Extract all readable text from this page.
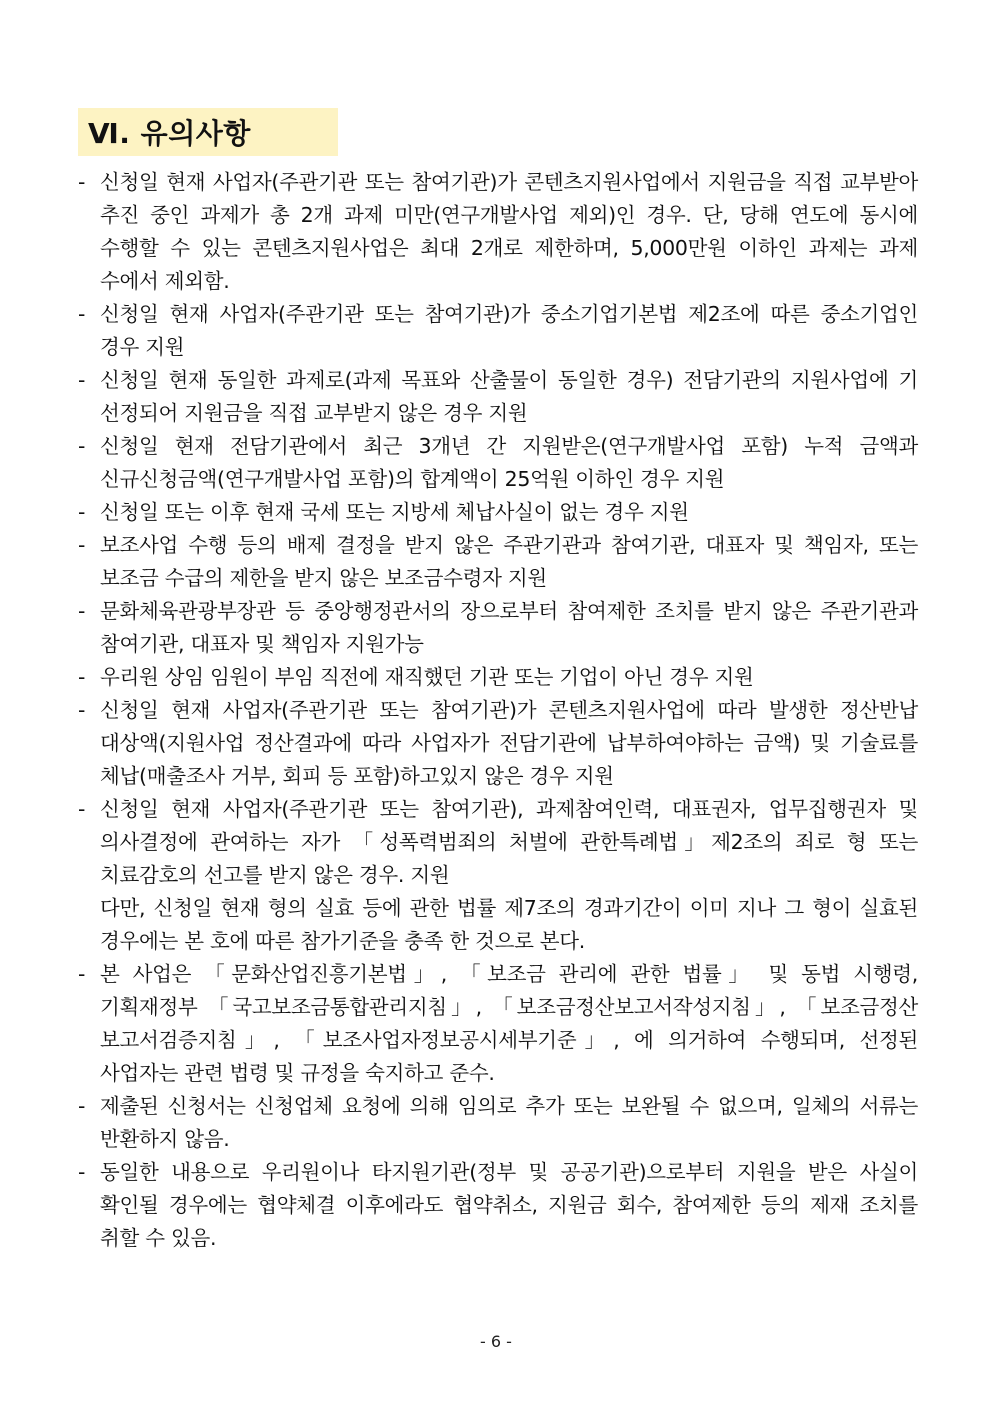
Ⅵ. 유의사항
- 신청일 현재 사업자(주관기관 또는 참여기관)가 콘텐츠지원사업에서 지원금을 직접 교부받아 추진 중인 과제가 총 2개 과제 미만(연구개발사업 제외)인 경우. 단, 당해 연도에 동시에 수행할 수 있는 콘텐츠지원사업은 최대 2개로 제한하며, 5,000만원 이하인 과제는 과제 수에서 제외함.
- 신청일 현재 사업자(주관기관 또는 참여기관)가 중소기업기본법 제2조에 따른 중소기업인 경우 지원
- 신청일 현재 동일한 과제로(과제 목표와 산출물이 동일한 경우) 전담기관의 지원사업에 기 선정되어 지원금을 직접 교부받지 않은 경우 지원
- 신청일 현재 전담기관에서 최근 3개년 간 지원받은(연구개발사업 포함) 누적 금액과 신규신청금액(연구개발사업 포함)의 합계액이 25억원 이하인 경우 지원
- 신청일 또는 이후 현재 국세 또는 지방세 체납사실이 없는 경우 지원
- 보조사업 수행 등의 배제 결정을 받지 않은 주관기관과 참여기관, 대표자 및 책임자, 또는 보조금 수급의 제한을 받지 않은 보조금수령자 지원
- 문화체육관광부장관 등 중앙행정관서의 장으로부터 참여제한 조치를 받지 않은 주관기관과 참여기관, 대표자 및 책임자 지원가능
- 우리원 상임 임원이 부임 직전에 재직했던 기관 또는 기업이 아닌 경우 지원
- 신청일 현재 사업자(주관기관 또는 참여기관)가 콘텐츠지원사업에 따라 발생한 정산반납 대상액(지원사업 정산결과에 따라 사업자가 전담기관에 납부하여야하는 금액) 및 기술료를 체납(매출조사 거부, 회피 등 포함)하고있지 않은 경우 지원
- 신청일 현재 사업자(주관기관 또는 참여기관), 과제참여인력, 대표권자, 업무집행권자 및 의사결정에 관여하는 자가 「성폭력범죄의 처벌에 관한특례법」제2조의 죄로 형 또는 치료감호의 선고를 받지 않은 경우. 지원
다만, 신청일 현재 형의 실효 등에 관한 법률 제7조의 경과기간이 이미 지나 그 형이 실효된 경우에는 본 호에 따른 참가기준을 충족 한 것으로 본다.
- 본 사업은 「문화산업진흥기본법」, 「보조금 관리에 관한 법률」 및 동법 시행령, 기획재정부 「국고보조금통합관리지침」, 「보조금정산보고서작성지침」, 「보조금정산 보고서검증지침」, 「보조사업자정보공시세부기준」, 에 의거하여 수행되며, 선정된 사업자는 관련 법령 및 규정을 숙지하고 준수.
- 제출된 신청서는 신청업체 요청에 의해 임의로 추가 또는 보완될 수 없으며, 일체의 서류는 반환하지 않음.
- 동일한 내용으로 우리원이나 타지원기관(정부 및 공공기관)으로부터 지원을 받은 사실이 확인될 경우에는 협약체결 이후에라도 협약취소, 지원금 회수, 참여제한 등의 제재 조치를 취할 수 있음.
- 6 -
